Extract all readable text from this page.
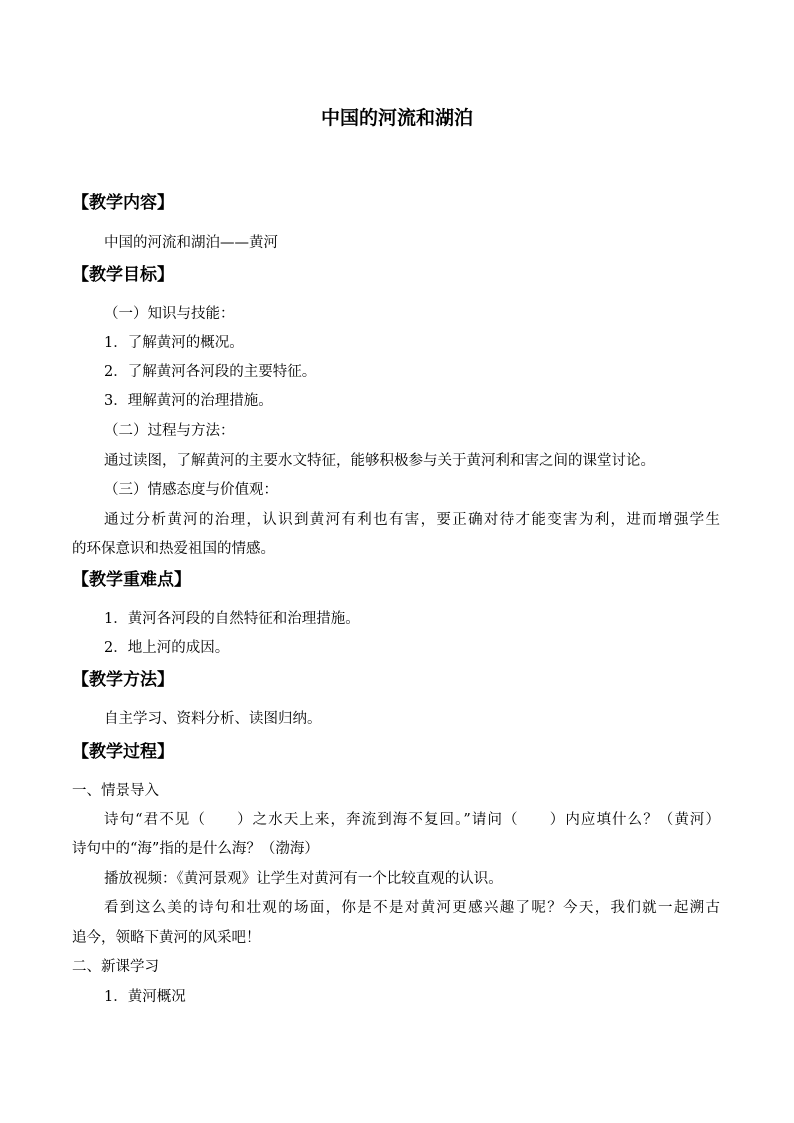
中国的河流和湖泊
【教学内容】
中国的河流和湖泊——黄河
【教学目标】
（一）知识与技能：
1．了解黄河的概况。
2．了解黄河各河段的主要特征。
3．理解黄河的治理措施。
（二）过程与方法：
通过读图，了解黄河的主要水文特征，能够积极参与关于黄河利和害之间的课堂讨论。
（三）情感态度与价值观：
通过分析黄河的治理，认识到黄河有利也有害，要正确对待才能变害为利，进而增强学生
的环保意识和热爱祖国的情感。
【教学重难点】
1．黄河各河段的自然特征和治理措施。
2．地上河的成因。
【教学方法】
自主学习、资料分析、读图归纳。
【教学过程】
一、情景导入
诗句“君不见（　　）之水天上来，奔流到海不复回。”请问（　　）内应填什么？（黄河）
诗句中的“海”指的是什么海？（渤海）
播放视频：《黄河景观》让学生对黄河有一个比较直观的认识。
看到这么美的诗句和壮观的场面，你是不是对黄河更感兴趣了呢？今天，我们就一起溯古
追今，领略下黄河的风采吧！
二、新课学习
1．黄河概况
